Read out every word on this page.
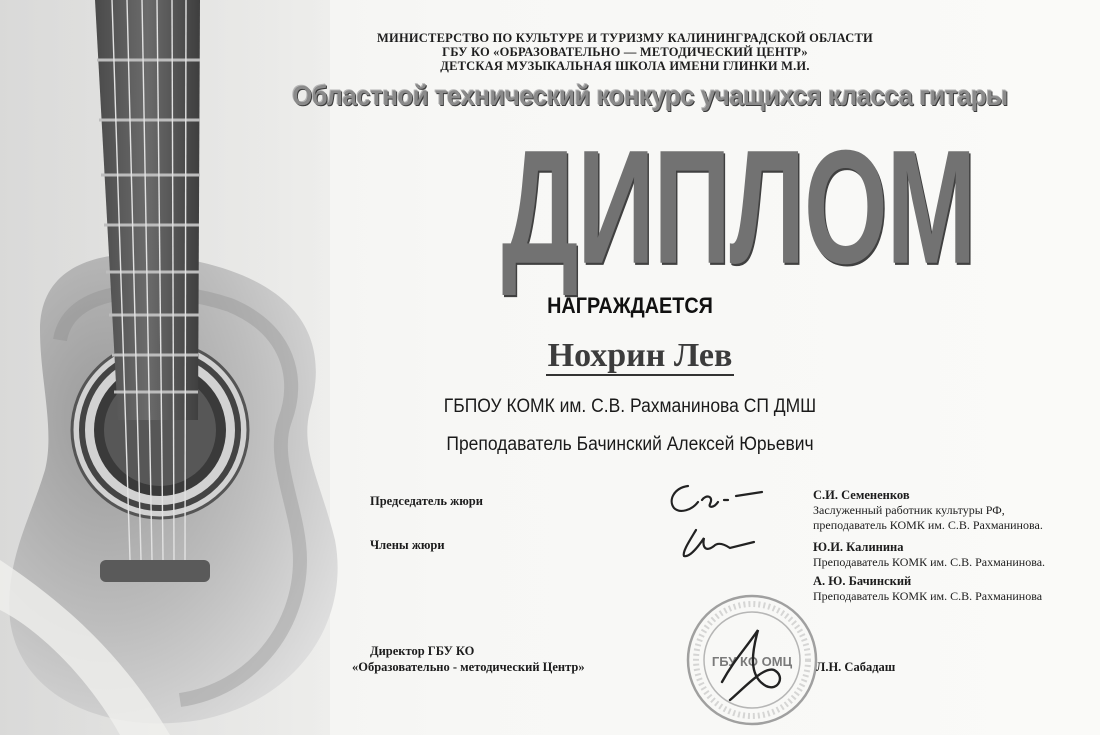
МИНИСТЕРСТВО ПО КУЛЬТУРЕ И ТУРИЗМУ КАЛИНИНГРАДСКОЙ ОБЛАСТИ
ГБУ КО «ОБРАЗОВАТЕЛЬНО — МЕТОДИЧЕСКИЙ ЦЕНТР»
ДЕТСКАЯ МУЗЫКАЛЬНАЯ ШКОЛА ИМЕНИ ГЛИНКИ М.И.
Областной технический конкурс учащихся класса гитары
ДИПЛОМ
НАГРАЖДАЕТСЯ
Нохрин Лев
ГБПОУ КОМК им. С.В. Рахманинова СП ДМШ
Преподаватель Бачинский Алексей Юрьевич
Председатель жюри
Члены жюри
С.И. Семененков
Заслуженный работник культуры РФ,
преподаватель КОМК им. С.В. Рахманинова.
Ю.И. Калинина
Преподаватель КОМК им. С.В. Рахманинова.
А. Ю. Бачинский
Преподаватель КОМК им. С.В. Рахманинова
Директор ГБУ КО
«Образовательно - методический Центр»	ГБУ КО ОМЦ Л.Н. Сабадаш
